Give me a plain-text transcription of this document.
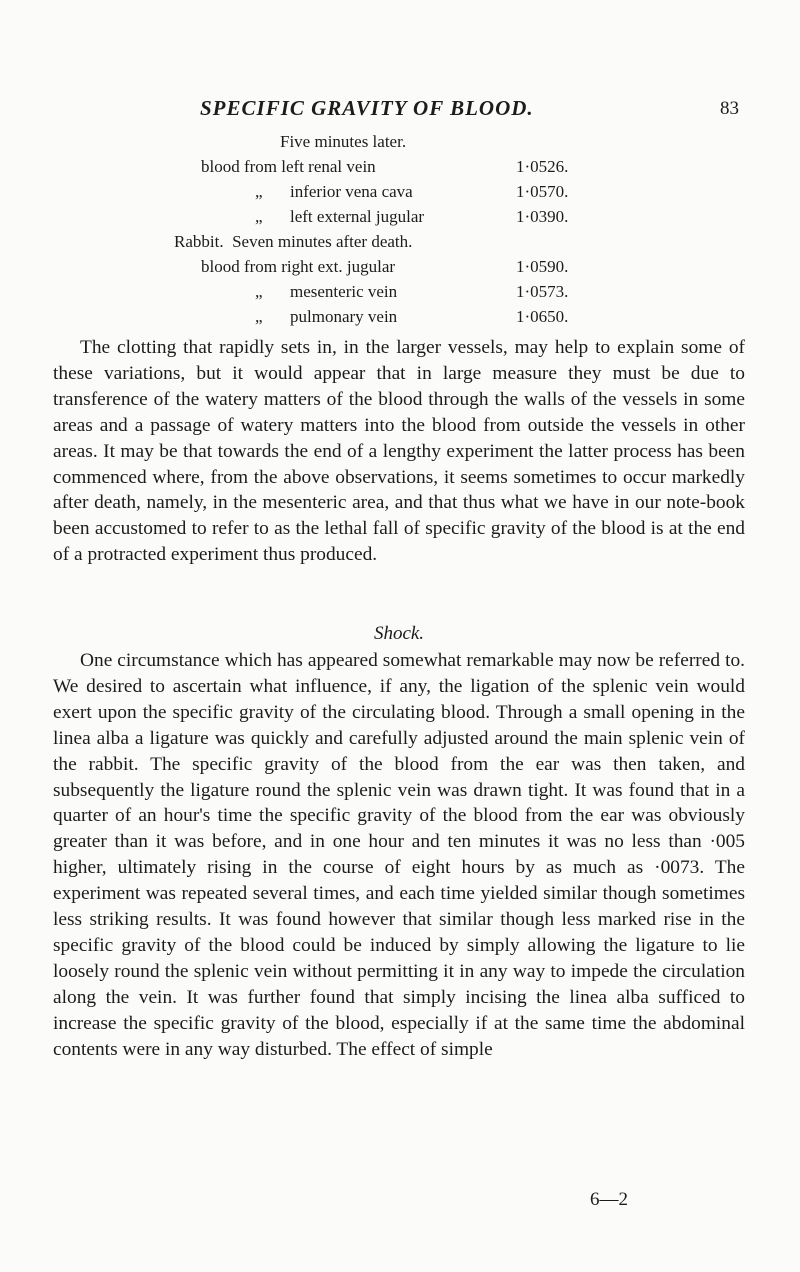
SPECIFIC GRAVITY OF BLOOD.	83
Five minutes later.
blood from left renal vein	1·0526.
„ inferior vena cava	1·0570.
„ left external jugular	1·0390.
Rabbit.  Seven minutes after death.
blood from right ext. jugular	1·0590.
„ mesenteric vein	1·0573.
„ pulmonary vein	1·0650.

The clotting that rapidly sets in, in the larger vessels, may help to explain some of these variations, but it would appear that in large measure they must be due to transference of the watery matters of the blood through the walls of the vessels in some areas and a passage of watery matters into the blood from outside the vessels in other areas. It may be that towards the end of a lengthy experiment the latter process has been commenced where, from the above observations, it seems sometimes to occur markedly after death, namely, in the mesenteric area, and that thus what we have in our note-book been accustomed to refer to as the lethal fall of specific gravity of the blood is at the end of a protracted experiment thus produced.

Shock.

One circumstance which has appeared somewhat remarkable may now be referred to. We desired to ascertain what influence, if any, the ligation of the splenic vein would exert upon the specific gravity of the circulating blood. Through a small opening in the linea alba a ligature was quickly and carefully adjusted around the main splenic vein of the rabbit. The specific gravity of the blood from the ear was then taken, and subsequently the ligature round the splenic vein was drawn tight. It was found that in a quarter of an hour's time the specific gravity of the blood from the ear was obviously greater than it was before, and in one hour and ten minutes it was no less than ·005 higher, ultimately rising in the course of eight hours by as much as ·0073. The experiment was repeated several times, and each time yielded similar though sometimes less striking results. It was found however that similar though less marked rise in the specific gravity of the blood could be induced by simply allowing the ligature to lie loosely round the splenic vein without permitting it in any way to impede the circulation along the vein. It was further found that simply incising the linea alba sufficed to increase the specific gravity of the blood, especially if at the same time the abdominal contents were in any way disturbed. The effect of simple

6—2
